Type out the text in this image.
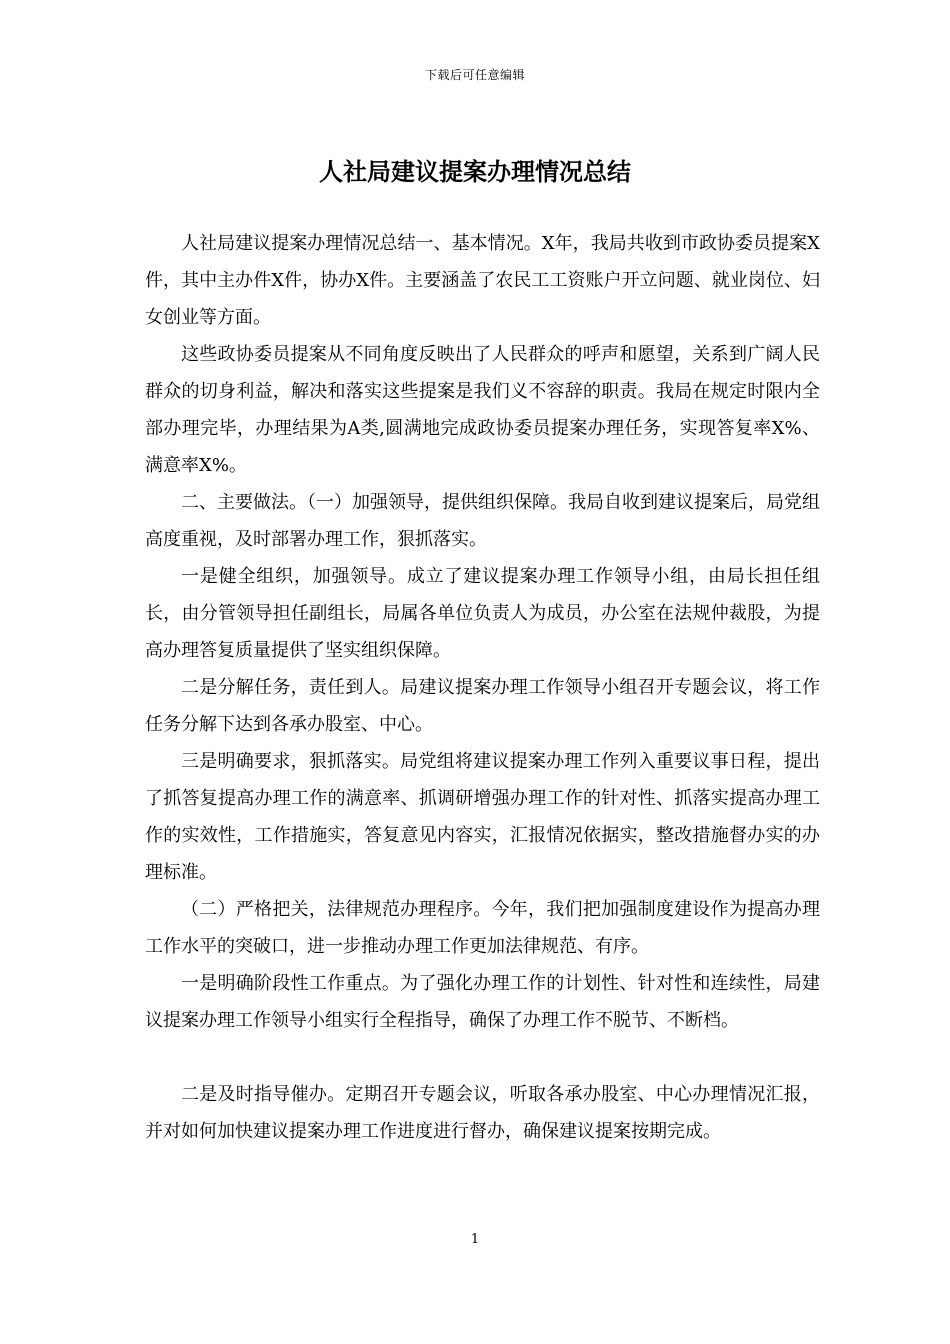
下载后可任意编辑
人社局建议提案办理情况总结

人社局建议提案办理情况总结一、基本情况。X年，我局共收到市政协委员提案X件，其中主办件X件，协办X件。主要涵盖了农民工工资账户开立问题、就业岗位、妇女创业等方面。

这些政协委员提案从不同角度反映出了人民群众的呼声和愿望，关系到广阔人民群众的切身利益，解决和落实这些提案是我们义不容辞的职责。我局在规定时限内全部办理完毕，办理结果为A类,圆满地完成政协委员提案办理任务，实现答复率X%、满意率X%。

二、主要做法。（一）加强领导，提供组织保障。我局自收到建议提案后，局党组高度重视，及时部署办理工作，狠抓落实。

一是健全组织，加强领导。成立了建议提案办理工作领导小组，由局长担任组长，由分管领导担任副组长，局属各单位负责人为成员，办公室在法规仲裁股，为提高办理答复质量提供了坚实组织保障。

二是分解任务，责任到人。局建议提案办理工作领导小组召开专题会议，将工作任务分解下达到各承办股室、中心。

三是明确要求，狠抓落实。局党组将建议提案办理工作列入重要议事日程，提出了抓答复提高办理工作的满意率、抓调研增强办理工作的针对性、抓落实提高办理工作的实效性，工作措施实，答复意见内容实，汇报情况依据实，整改措施督办实的办理标准。

（二）严格把关，法律规范办理程序。今年，我们把加强制度建设作为提高办理工作水平的突破口，进一步推动办理工作更加法律规范、有序。

一是明确阶段性工作重点。为了强化办理工作的计划性、针对性和连续性，局建议提案办理工作领导小组实行全程指导，确保了办理工作不脱节、不断档。

二是及时指导催办。定期召开专题会议，听取各承办股室、中心办理情况汇报，并对如何加快建议提案办理工作进度进行督办，确保建议提案按期完成。

1
